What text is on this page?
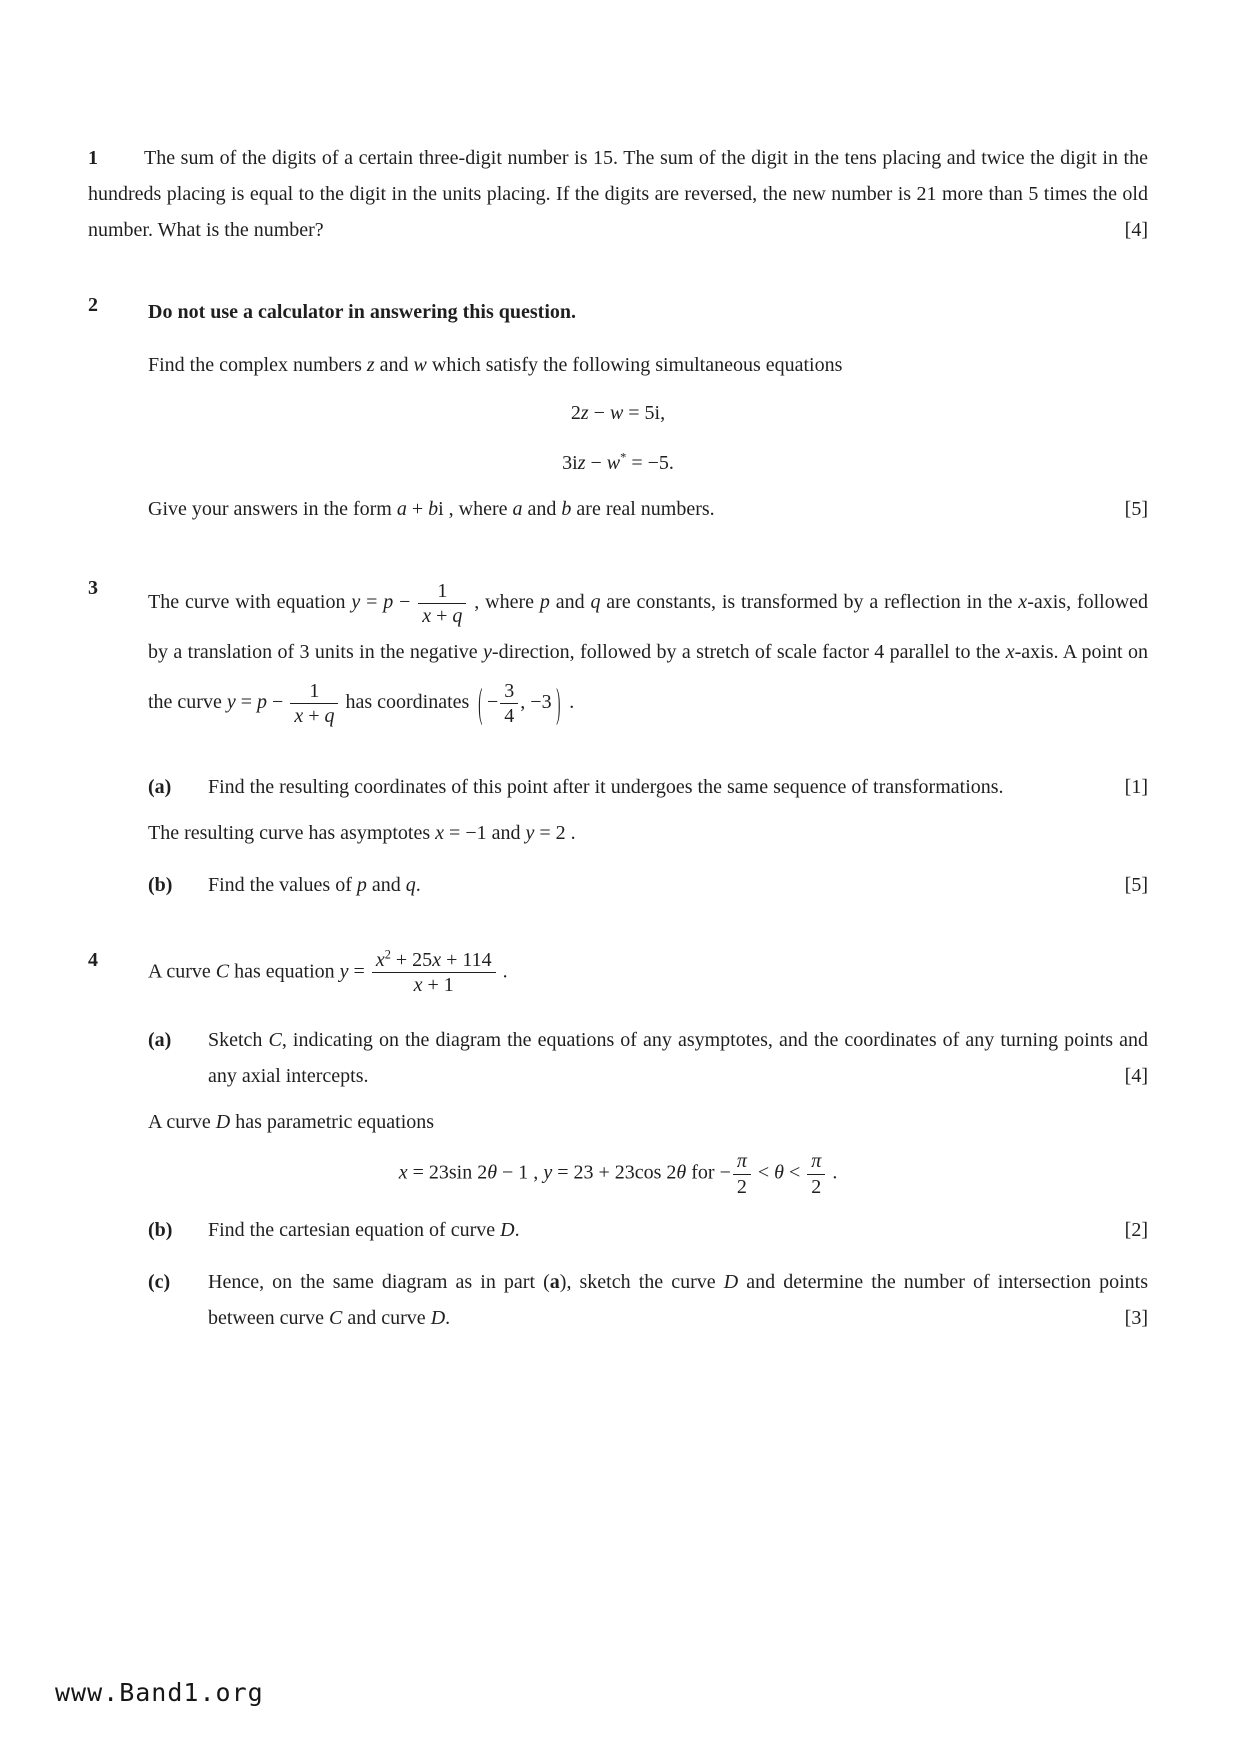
1 The sum of the digits of a certain three-digit number is 15. The sum of the digit in the tens placing and twice the digit in the hundreds placing is equal to the digit in the units placing. If the digits are reversed, the new number is 21 more than 5 times the old number. What is the number?	[4]

2	Do not use a calculator in answering this question.

Find the complex numbers z and w which satisfy the following simultaneous equations

2z − w = 5i,

3iz − w* = −5.

Give your answers in the form a + bi , where a and b are real numbers.	[5]

3

The curve with equation $y = p - \frac{1}{x + q}$ , where p and q are constants, is transformed by a reflection in the x-axis, followed by a translation of 3 units in the negative y-direction, followed by a stretch of scale factor 4 parallel to the x-axis. A point on the curve $y = p - \frac{1}{x + q}$ has coordinates ( − $\frac{3}{4}$ , −3 ) .

(a) Find the resulting coordinates of this point after it undergoes the same sequence of transformations.	[1]

The resulting curve has asymptotes x = −1 and y = 2 .

(b) Find the values of p and q.	[5]

4

A curve C has equation $y = \frac{x^2 + 25x + 114}{x + 1}$ .

(a) Sketch C, indicating on the diagram the equations of any asymptotes, and the coordinates of any turning points and any axial intercepts.	[4]

A curve D has parametric equations

x = 23sin 2θ − 1 , y = 23 + 23cos 2θ for − $\frac{\pi}{2} < \theta < \frac{\pi}{2}$ .

(b) Find the cartesian equation of curve D.	[2]

(c) Hence, on the same diagram as in part (a), sketch the curve D and determine the number of intersection points between curve C and curve D.	[3]

www.Band1.org
